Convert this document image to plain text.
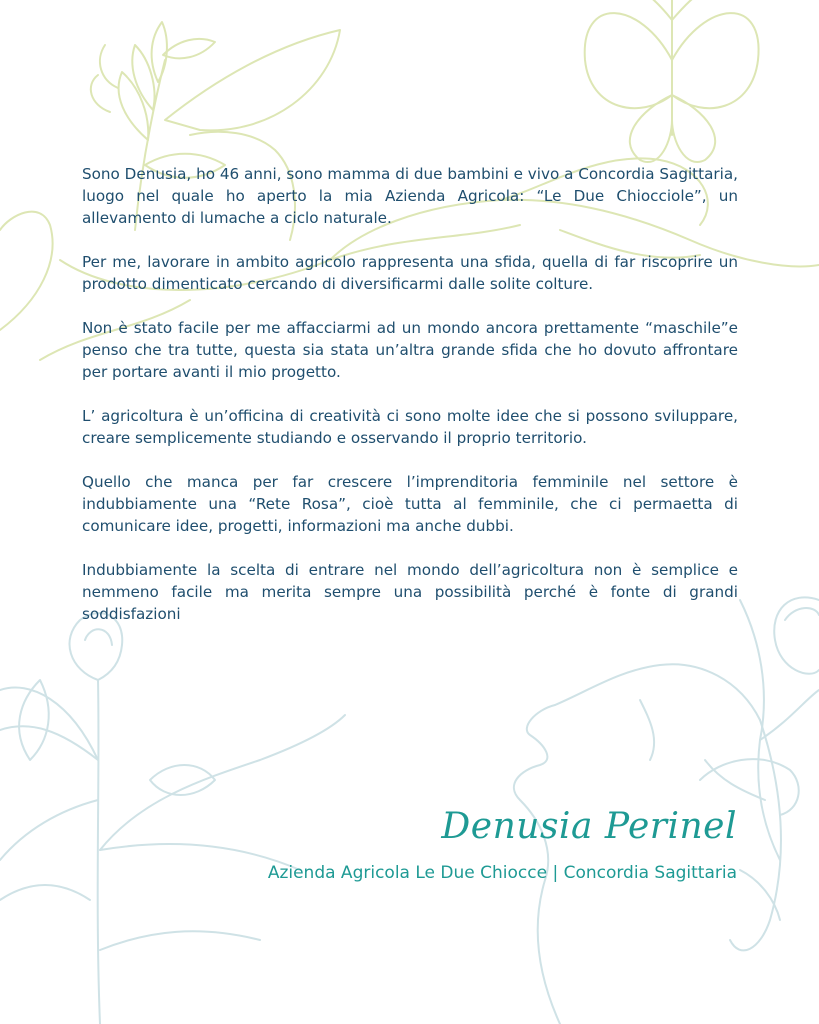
Sono Denusia, ho 46 anni, sono mamma di due bambini e vivo a Concordia Sagittaria, luogo nel quale ho aperto la mia Azienda Agricola: “Le Due Chiocciole”, un allevamento di lumache a ciclo naturale.

Per me, lavorare in ambito agricolo rappresenta una sfida, quella di far riscoprire un prodotto dimenticato cercando di diversificarmi dalle solite colture.

Non è stato facile per me affacciarmi ad un mondo ancora prettamente “maschile”e penso che tra tutte, questa sia stata un’altra grande sfida che ho dovuto affrontare per portare avanti il mio progetto.

L’ agricoltura è un’officina di creatività ci sono molte idee che si possono sviluppare, creare semplicemente studiando e osservando il proprio territorio.

Quello che manca per far crescere l’imprenditoria femminile nel settore è indubbiamente una “Rete Rosa”, cioè tutta al femminile, che ci permaetta di comunicare idee, progetti, informazioni ma anche dubbi.

Indubbiamente la scelta di entrare nel mondo dell’agricoltura non è semplice e nemmeno facile ma merita sempre una possibilità perché è fonte di grandi soddisfazioni

Denusia Perinel
Azienda Agricola Le Due Chiocce | Concordia Sagittaria
